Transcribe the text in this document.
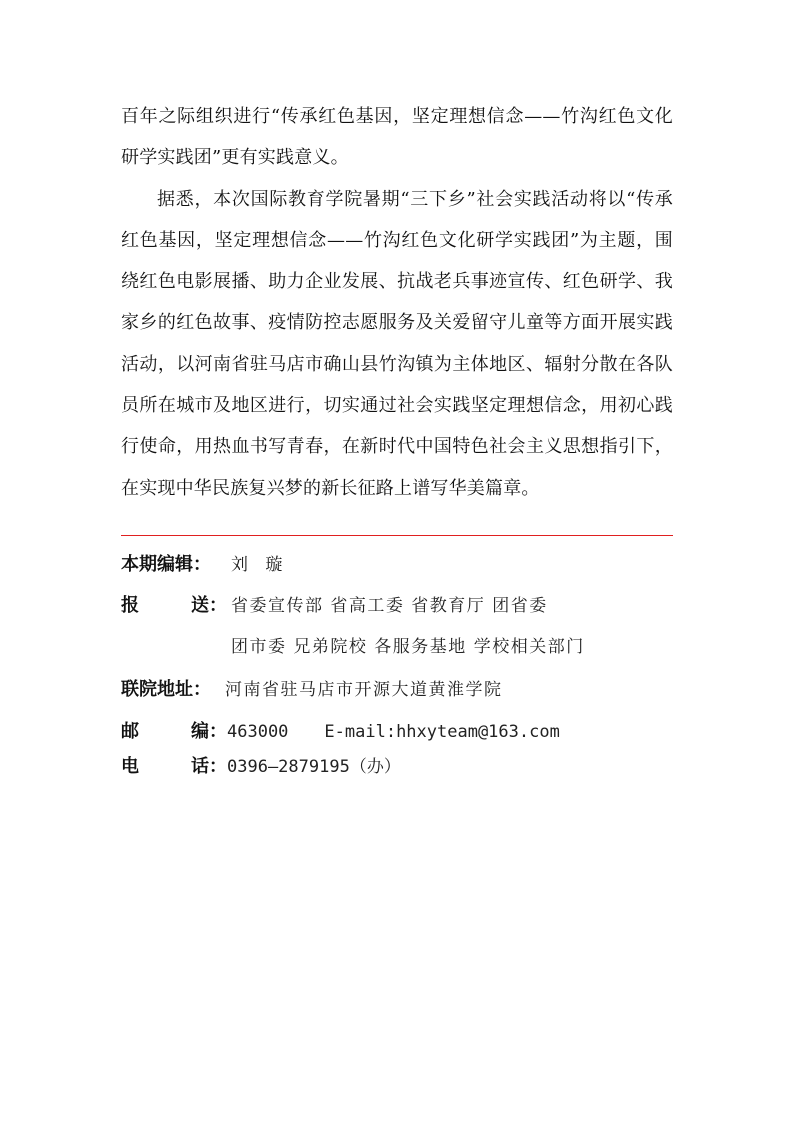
百年之际组织进行“传承红色基因，坚定理想信念——竹沟红色文化研学实践团”更有实践意义。

据悉，本次国际教育学院暑期“三下乡”社会实践活动将以“传承红色基因，坚定理想信念——竹沟红色文化研学实践团”为主题，围绕红色电影展播、助力企业发展、抗战老兵事迹宣传、红色研学、我家乡的红色故事、疫情防控志愿服务及关爱留守儿童等方面开展实践活动，以河南省驻马店市确山县竹沟镇为主体地区、辐射分散在各队员所在城市及地区进行，切实通过社会实践坚定理想信念，用初心践行使命，用热血书写青春，在新时代中国特色社会主义思想指引下，在实现中华民族复兴梦的新长征路上谱写华美篇章。

本期编辑： 刘 璇
报	送： 省委宣传部 省高工委 省教育厅 团省委
团市委 兄弟院校 各服务基地 学校相关部门
联院地址： 河南省驻马店市开源大道黄淮学院
邮	编：463000 E-mail:hhxyteam@163.com
电	话：0396—2879195（办）
